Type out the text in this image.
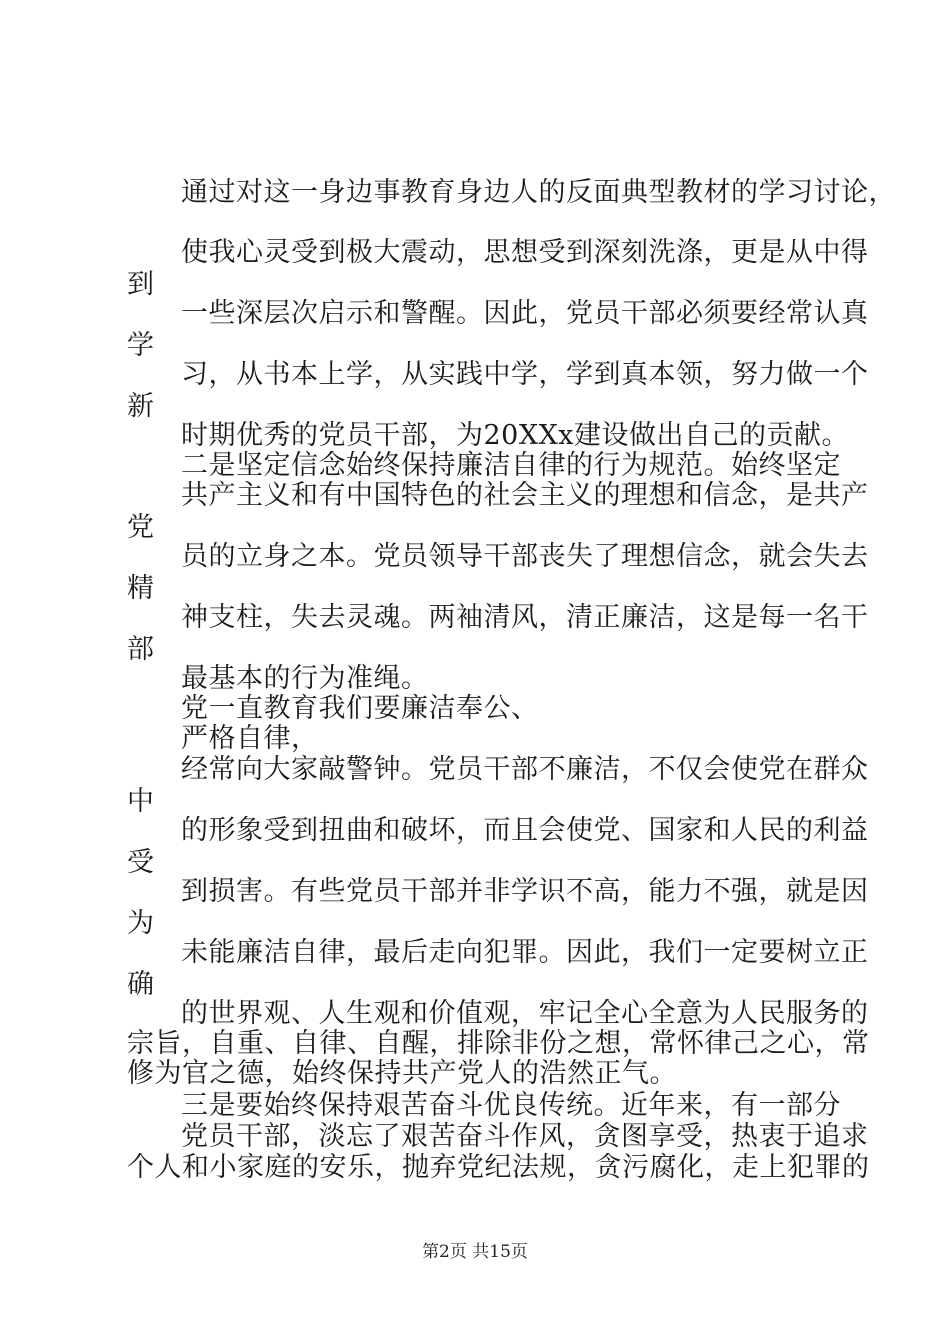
通过对这一身边事教育身边人的反面典型教材的学习讨论，
使我心灵受到极大震动，思想受到深刻洗涤，更是从中得
到
一些深层次启示和警醒。因此，党员干部必须要经常认真
学
习，从书本上学，从实践中学，学到真本领，努力做一个
新
时期优秀的党员干部，为20XXx建设做出自己的贡献。
二是坚定信念始终保持廉洁自律的行为规范。始终坚定
共产主义和有中国特色的社会主义的理想和信念，是共产
党
员的立身之本。党员领导干部丧失了理想信念，就会失去
精
神支柱，失去灵魂。两袖清风，清正廉洁，这是每一名干
部
最基本的行为准绳。
党一直教育我们要廉洁奉公、
严格自律，
经常向大家敲警钟。党员干部不廉洁，不仅会使党在群众
中
的形象受到扭曲和破坏，而且会使党、国家和人民的利益
受
到损害。有些党员干部并非学识不高，能力不强，就是因
为
未能廉洁自律，最后走向犯罪。因此，我们一定要树立正
确
的世界观、人生观和价值观，牢记全心全意为人民服务的
宗旨，自重、自律、自醒，排除非份之想，常怀律己之心，常
修为官之德，始终保持共产党人的浩然正气。
三是要始终保持艰苦奋斗优良传统。近年来，有一部分
党员干部，淡忘了艰苦奋斗作风，贪图享受，热衷于追求
个人和小家庭的安乐，抛弃党纪法规，贪污腐化，走上犯罪的
第2页 共15页
